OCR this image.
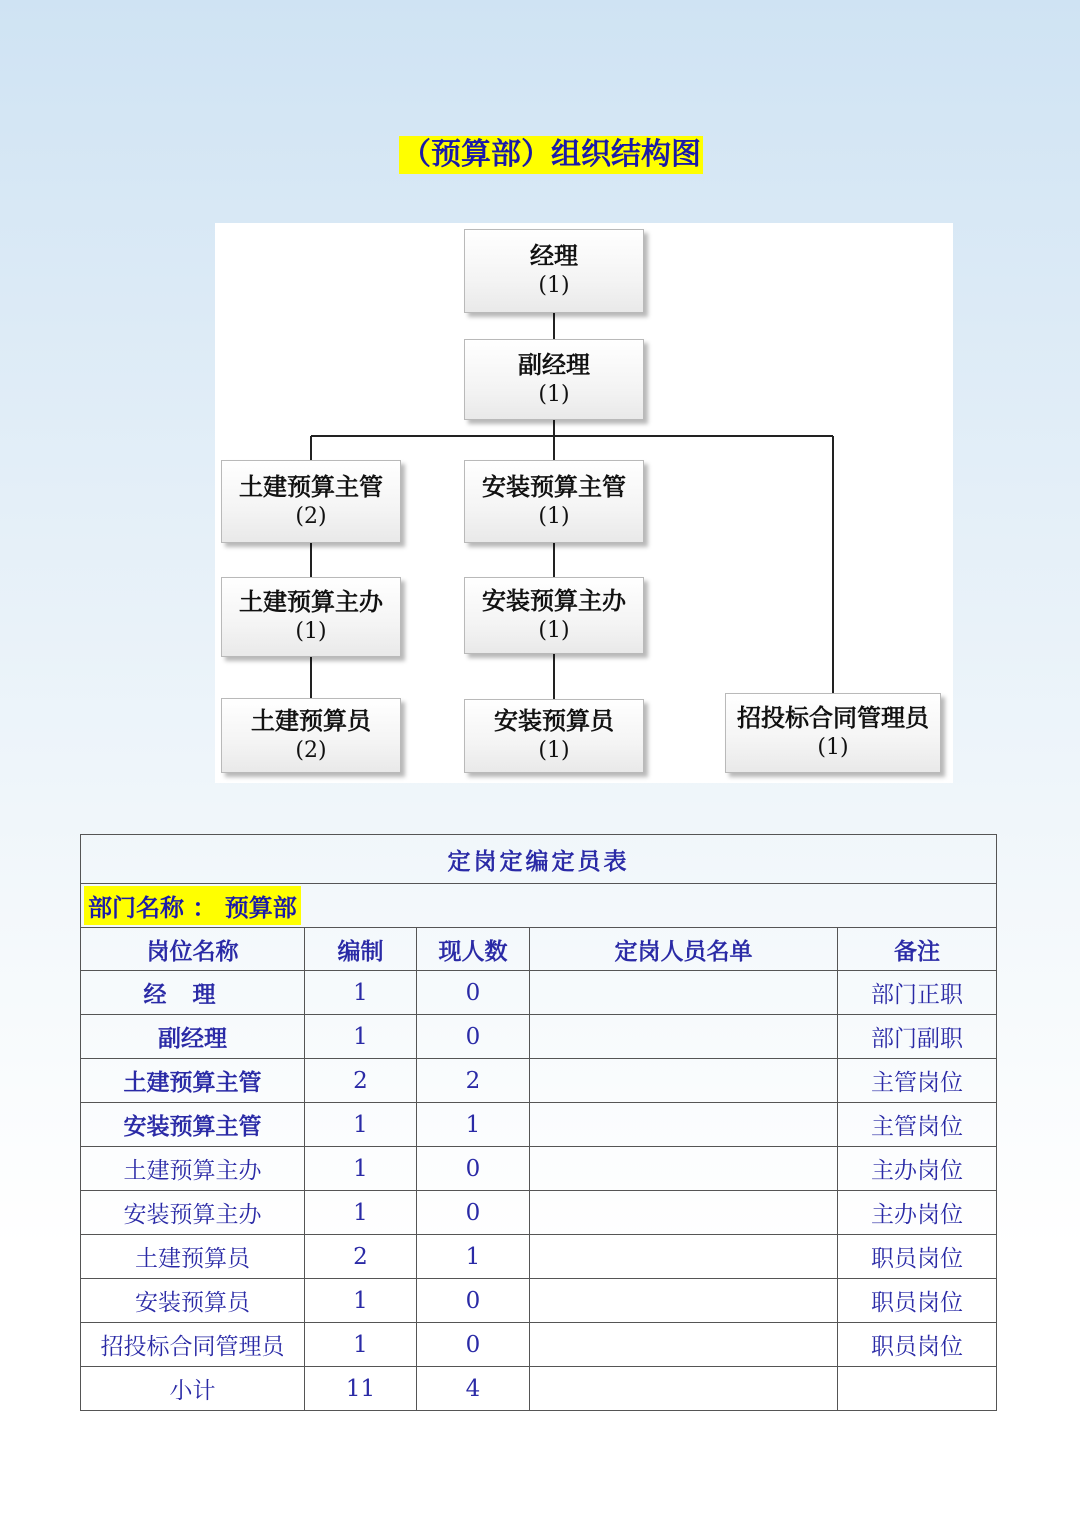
（预算部）组织结构图
经理
(1)
副经理
(1)
土建预算主管
(2)
安装预算主管
(1)
土建预算主办
(1)
安装预算主办
(1)
土建预算员
(2)
安装预算员
(1)
招投标合同管理员
(1)
定岗定编定员表				
部门名称 ： 预算部				
岗位名称	编制	现人数	定岗人员名单	备注
经理	1	0		部门正职
副经理	1	0		部门副职
土建预算主管	2	2		主管岗位
安装预算主管	1	1		主管岗位
土建预算主办	1	0		主办岗位
安装预算主办	1	0		主办岗位
土建预算员	2	1		职员岗位
安装预算员	1	0		职员岗位
招投标合同管理员	1	0		职员岗位
小计	11	4		
